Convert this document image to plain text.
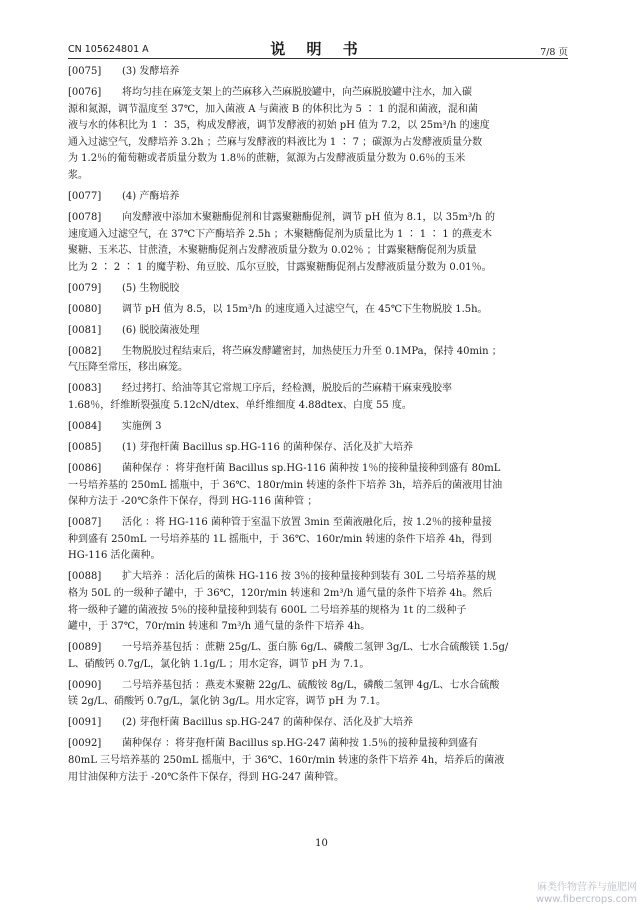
CN 105624801 A	说 明 书	7/8 页
[0075] (3) 发酵培养
[0076] 将均匀挂在麻笼支架上的苎麻移入苎麻脱胶罐中，向苎麻脱胶罐中注水，加入碳
源和氮源，调节温度至 37℃，加入菌液 A 与菌液 B 的体积比为 5 ∶ 1 的混和菌液，混和菌
液与水的体积比为 1 ∶ 35，构成发酵液，调节发酵液的初始 pH 值为 7.2，以 25m³/h 的速度
通入过滤空气，发酵培养 3.2h ；苎麻与发酵液的料液比为 1 ∶ 7 ；碳源为占发酵液质量分数
为 1.2％的葡萄糖或者质量分数为 1.8％的蔗糖，氮源为占发酵液质量分数为 0.6％的玉米
浆。
[0077] (4) 产酶培养
[0078] 向发酵液中添加木聚糖酶促剂和甘露聚糖酶促剂，调节 pH 值为 8.1，以 35m³/h 的
速度通入过滤空气，在 37℃下产酶培养 2.5h ；木聚糖酶促剂为质量比为 1 ∶ 1 ∶ 1 的燕麦木
聚糖、玉米芯、甘蔗渣，木聚糖酶促剂占发酵液质量分数为 0.02％ ；甘露聚糖酶促剂为质量
比为 2 ∶ 2 ∶ 1 的魔芋粉、角豆胶、瓜尔豆胶，甘露聚糖酶促剂占发酵液质量分数为 0.01％。
[0079] (5) 生物脱胶
[0080] 调节 pH 值为 8.5，以 15m³/h 的速度通入过滤空气，在 45℃下生物脱胶 1.5h。
[0081] (6) 脱胶菌液处理
[0082] 生物脱胶过程结束后，将苎麻发酵罐密封，加热使压力升至 0.1MPa，保持 40min ；
气压降至常压，移出麻笼。
[0083] 经过拷打、给油等其它常规工序后，经检测，脱胶后的苎麻精干麻束残胶率
1.68％，纤维断裂强度 5.12cN/dtex、单纤维细度 4.88dtex、白度 55 度。
[0084] 实施例 3
[0085] (1) 芽孢杆菌 Bacillus sp.HG-116 的菌种保存、活化及扩大培养
[0086] 菌种保存 ：将芽孢杆菌 Bacillus sp.HG-116 菌种按 1％的接种量接种到盛有 80mL
一号培养基的 250mL 摇瓶中，于 36℃、180r/min 转速的条件下培养 3h，培养后的菌液用甘油
保种方法于 -20℃条件下保存，得到 HG-116 菌种管 ；
[0087] 活化 ：将 HG-116 菌种管于室温下放置 3min 至菌液融化后，按 1.2％的接种量接
种到盛有 250mL 一号培养基的 1L 摇瓶中，于 36℃、160r/min 转速的条件下培养 4h，得到
HG-116 活化菌种。
[0088] 扩大培养 ：活化后的菌株 HG-116 按 3％的接种量接种到装有 30L 二号培养基的规
格为 50L 的一级种子罐中，于 36℃，120r/min 转速和 2m³/h 通气量的条件下培养 4h。然后
将一级种子罐的菌液按 5％的接种量接种到装有 600L 二号培养基的规格为 1t 的二级种子
罐中，于 37℃，70r/min 转速和 7m³/h 通气量的条件下培养 4h。
[0089] 一号培养基包括 ：蔗糖 25g/L、蛋白胨 6g/L、磷酸二氢钾 3g/L、七水合硫酸镁 1.5g/
L、硝酸钙 0.7g/L，氯化钠 1.1g/L ；用水定容，调节 pH 为 7.1。
[0090] 二号培养基包括 ：燕麦木聚糖 22g/L、硫酸铵 8g/L，磷酸二氢钾 4g/L、七水合硫酸
镁 2g/L、硝酸钙 0.7g/L，氯化钠 3g/L。用水定容，调节 pH 为 7.1。
[0091] (2) 芽孢杆菌 Bacillus sp.HG-247 的菌种保存、活化及扩大培养
[0092] 菌种保存 ：将芽孢杆菌 Bacillus sp.HG-247 菌种按 1.5％的接种量接种到盛有
80mL 三号培养基的 250mL 摇瓶中，于 36℃、160r/min 转速的条件下培养 4h，培养后的菌液
用甘油保种方法于 -20℃条件下保存，得到 HG-247 菌种管。
10
麻类作物营养与施肥网
www.fibercrops.com
